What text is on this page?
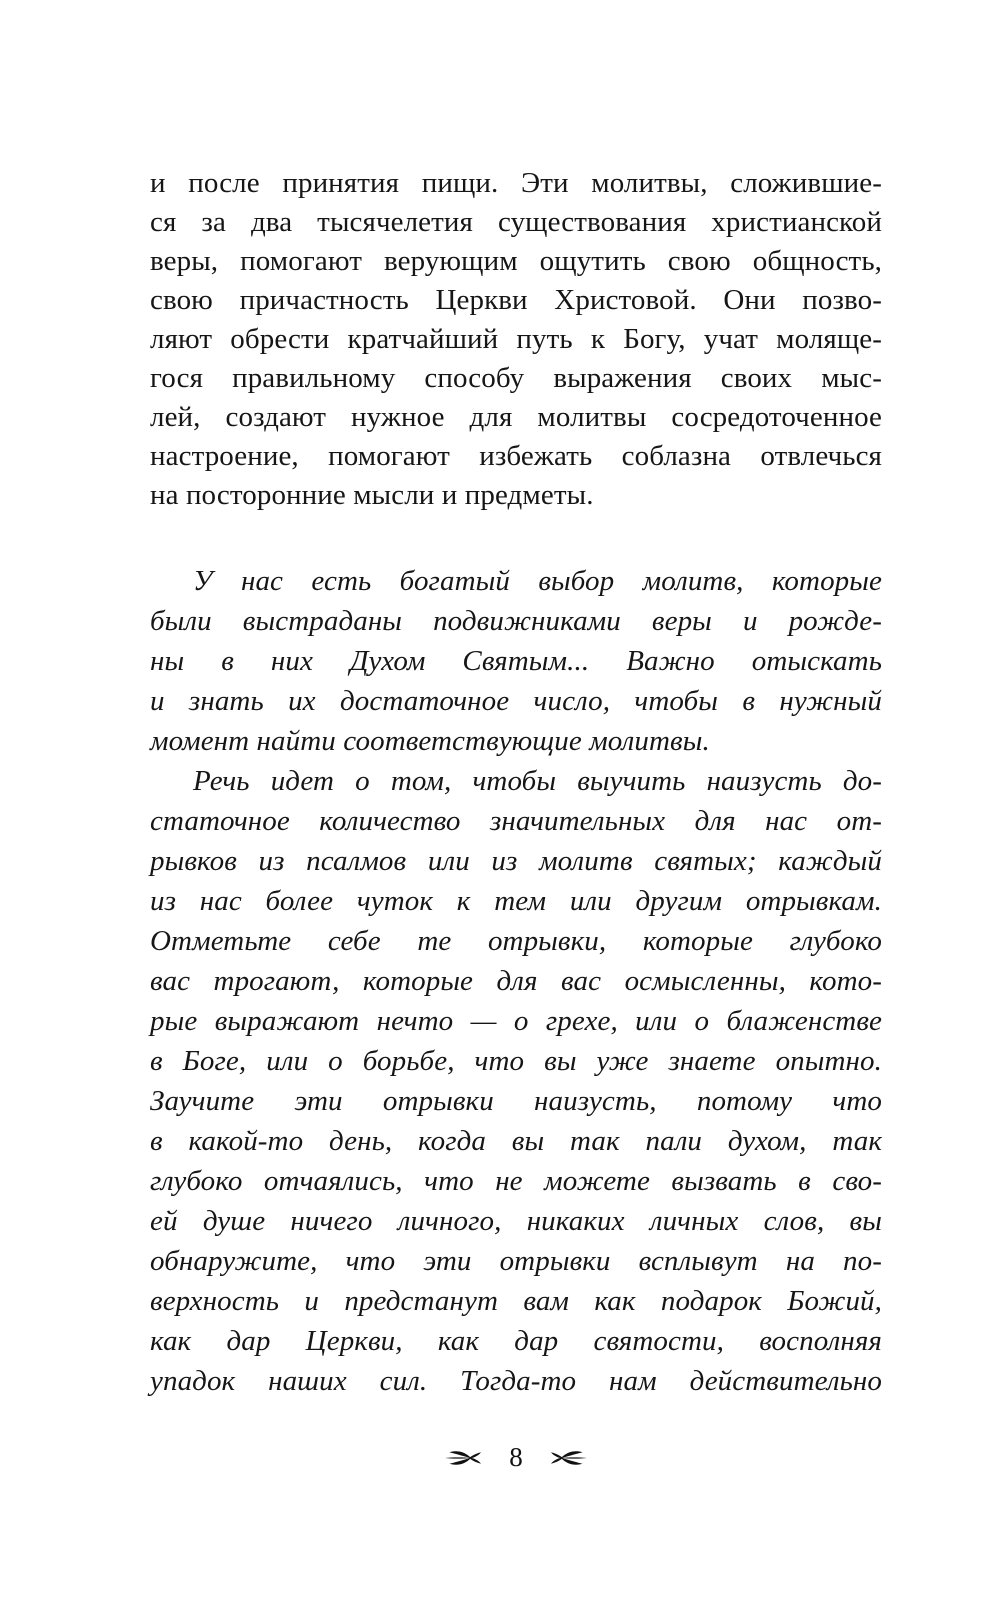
и после принятия пищи. Эти молитвы, сложившие-
ся за два тысячелетия существования христианской
веры, помогают верующим ощутить свою общность,
свою причастность Церкви Христовой. Они позво-
ляют обрести кратчайший путь к Богу, учат моляще-
гося правильному способу выражения своих мыс-
лей, создают нужное для молитвы сосредоточенное
настроение, помогают избежать соблазна отвлечься
на посторонние мысли и предметы.
У нас есть богатый выбор молитв, которые
были выстраданы подвижниками веры и рожде-
ны в них Духом Святым... Важно отыскать
и знать их достаточное число, чтобы в нужный
момент найти соответствующие молитвы.
Речь идет о том, чтобы выучить наизусть до-
статочное количество значительных для нас от-
рывков из псалмов или из молитв святых; каждый
из нас более чуток к тем или другим отрывкам.
Отметьте себе те отрывки, которые глубоко
вас трогают, которые для вас осмысленны, кото-
рые выражают нечто — о грехе, или о блаженстве
в Боге, или о борьбе, что вы уже знаете опытно.
Заучите эти отрывки наизусть, потому что
в какой-то день, когда вы так пали духом, так
глубоко отчаялись, что не можете вызвать в сво-
ей душе ничего личного, никаких личных слов, вы
обнаружите, что эти отрывки всплывут на по-
верхность и предстанут вам как подарок Божий,
как дар Церкви, как дар святости, восполняя
упадок наших сил. Тогда-то нам действительно
8
